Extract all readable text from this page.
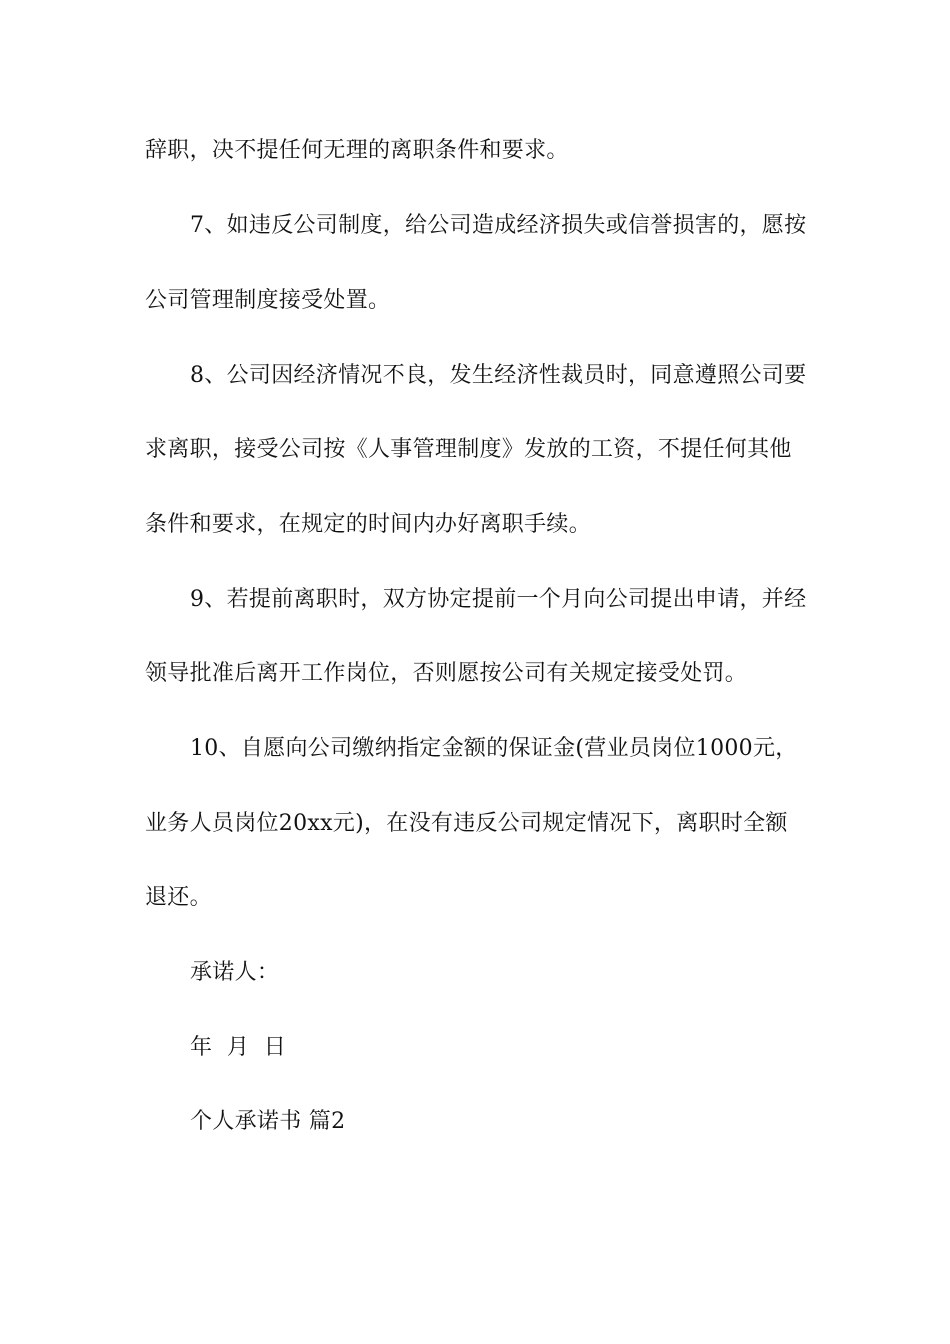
辞职，决不提任何无理的离职条件和要求。
7、如违反公司制度，给公司造成经济损失或信誉损害的，愿按
公司管理制度接受处置。
8、公司因经济情况不良，发生经济性裁员时，同意遵照公司要
求离职，接受公司按《人事管理制度》发放的工资，不提任何其他
条件和要求，在规定的时间内办好离职手续。
9、若提前离职时，双方协定提前一个月向公司提出申请，并经
领导批准后离开工作岗位，否则愿按公司有关规定接受处罚。
10、自愿向公司缴纳指定金额的保证金(营业员岗位1000元，
业务人员岗位20xx元)，在没有违反公司规定情况下，离职时全额
退还。
承诺人：
年  月  日
个人承诺书 篇2
